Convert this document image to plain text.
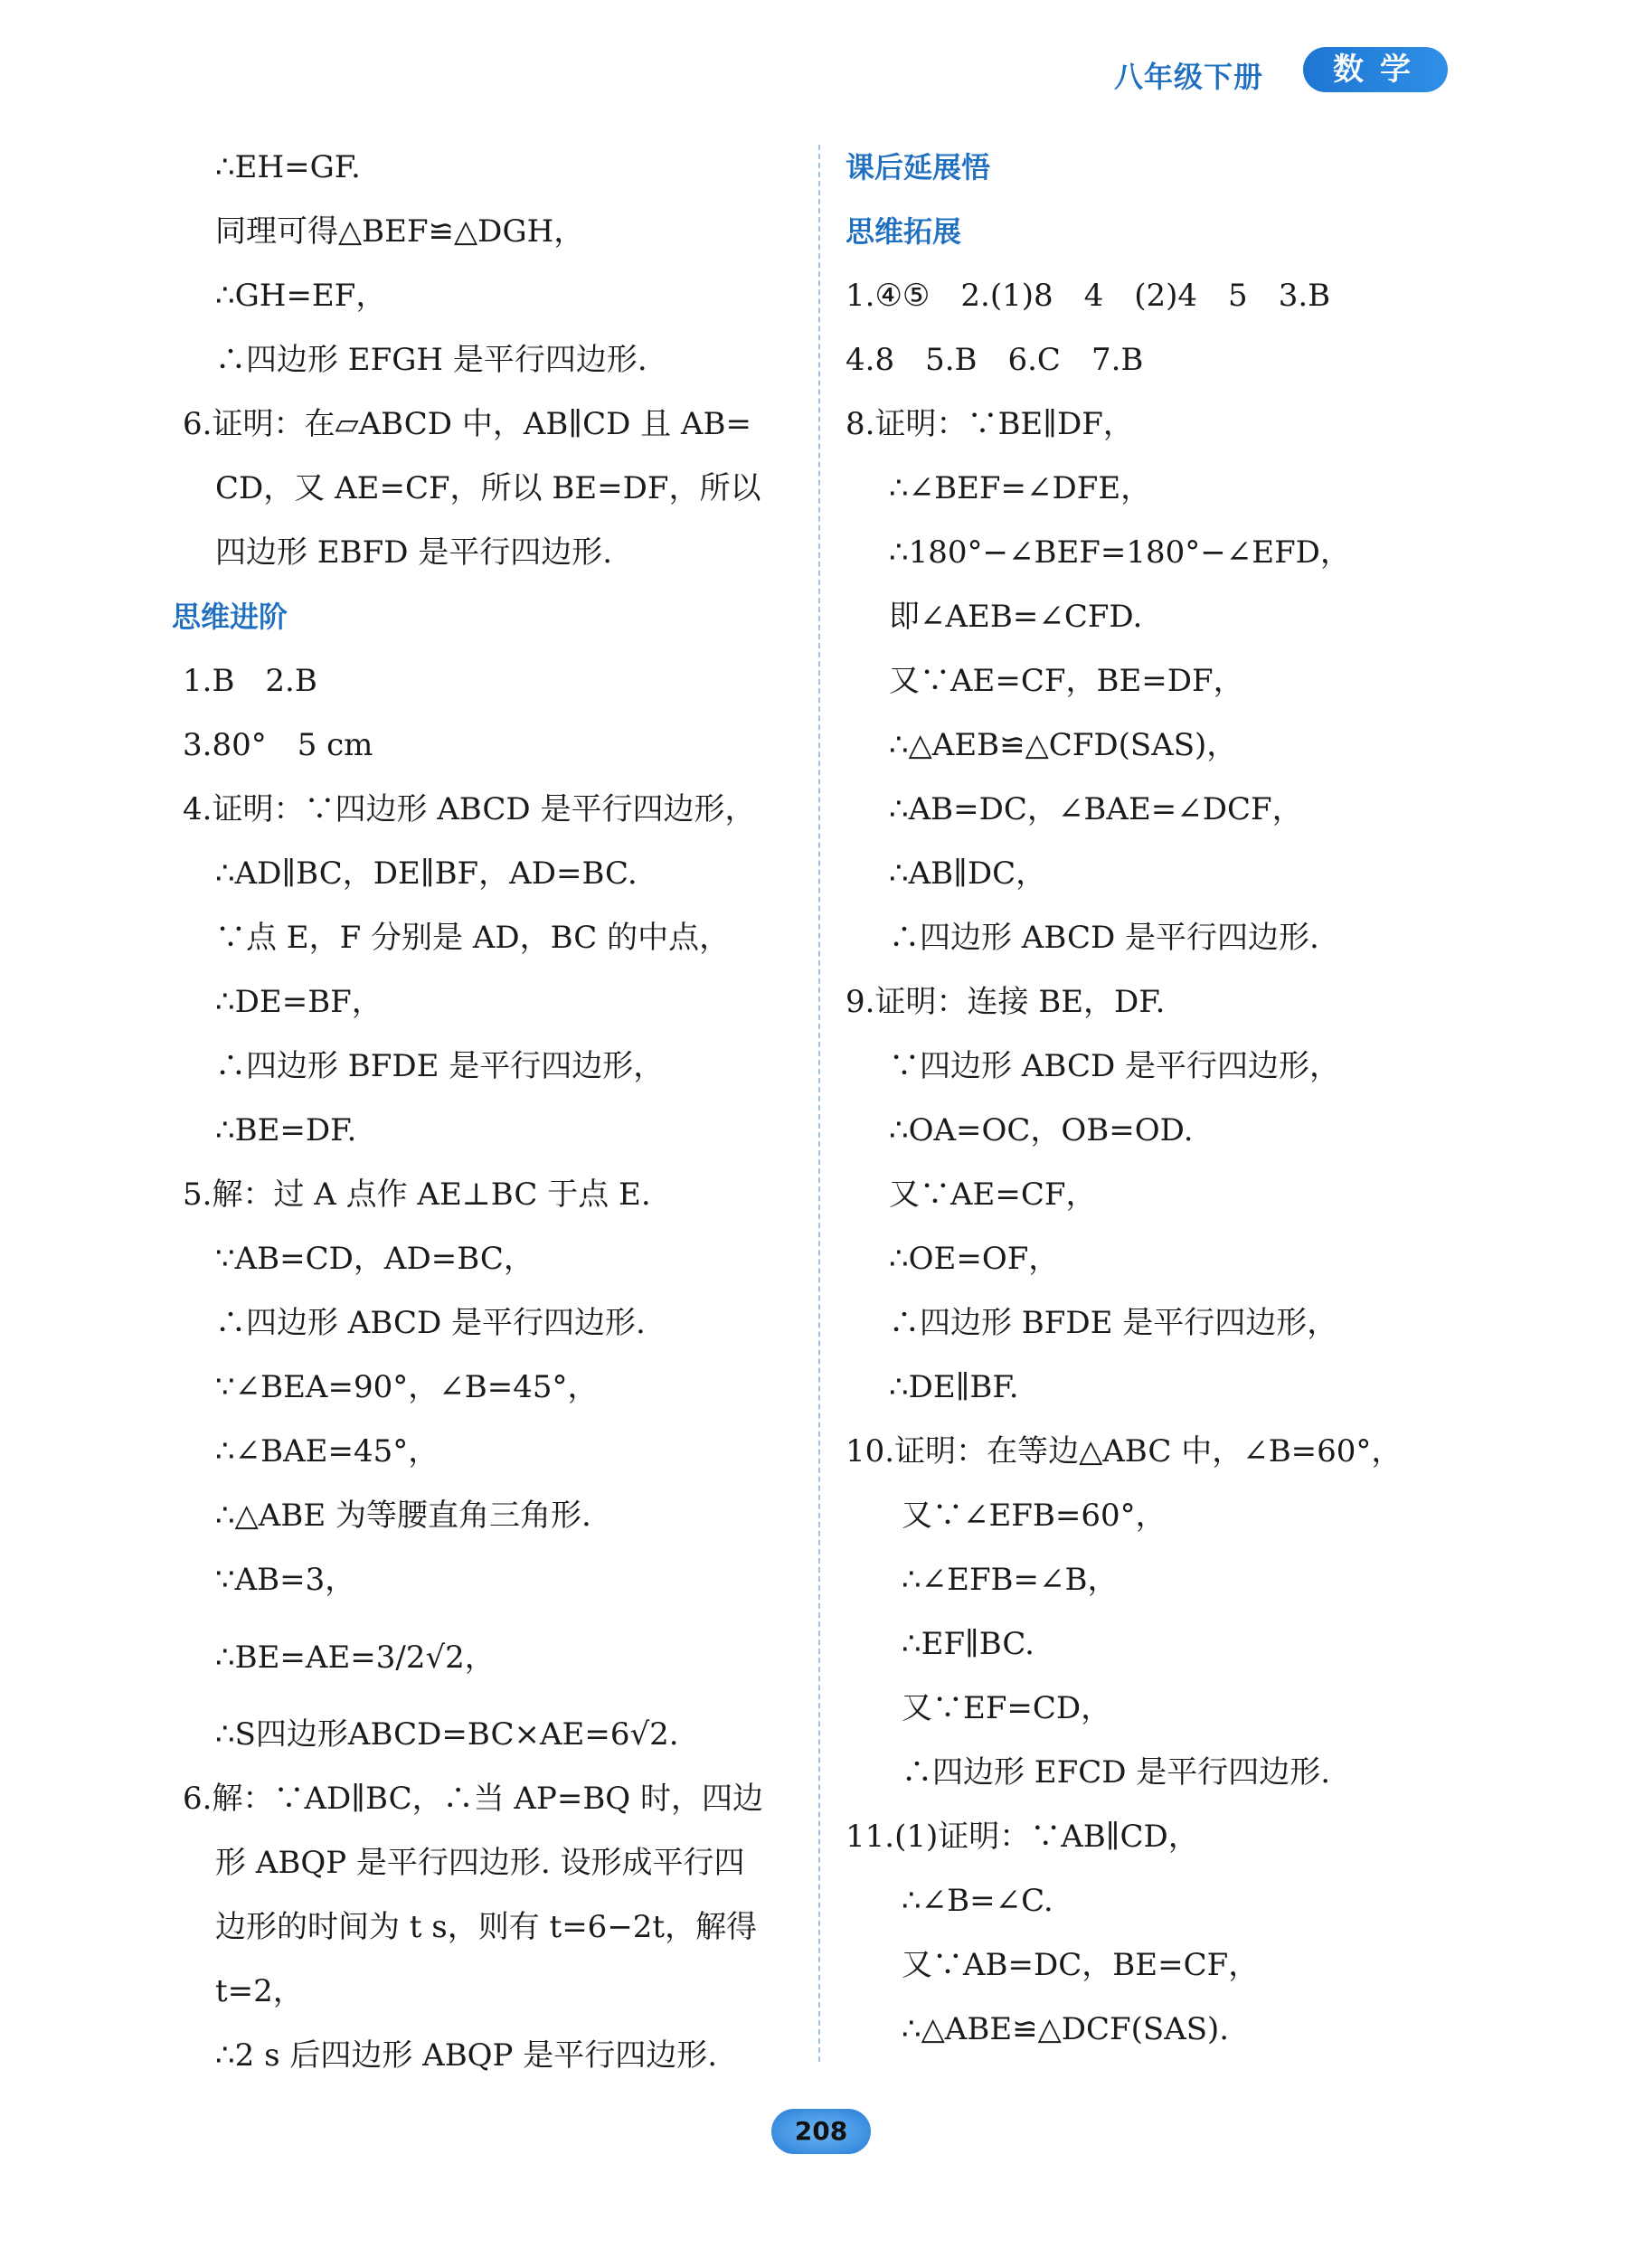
八年级下册	数学
∴EH=GF.
同理可得△BEF≌△DGH，
∴GH=EF，
∴四边形 EFGH 是平行四边形.
6.证明：在▱ABCD 中，AB∥CD 且 AB=
CD，又 AE=CF，所以 BE=DF，所以
四边形 EBFD 是平行四边形.
思维进阶
1.B　2.B
3.80°　5 cm
4.证明：∵四边形 ABCD 是平行四边形，
∴AD∥BC，DE∥BF，AD=BC.
∵点 E，F 分别是 AD，BC 的中点，
∴DE=BF，
∴四边形 BFDE 是平行四边形，
∴BE=DF.
5.解：过 A 点作 AE⊥BC 于点 E.
∵AB=CD，AD=BC，
∴四边形 ABCD 是平行四边形.
∵∠BEA=90°，∠B=45°，
∴∠BAE=45°，
∴△ABE 为等腰直角三角形.
∵AB=3，
∴BE=AE=3/2√2，
∴S四边形ABCD=BC×AE=6√2.
6.解：∵AD∥BC，∴当 AP=BQ 时，四边
形 ABQP 是平行四边形. 设形成平行四
边形的时间为 t s，则有 t=6−2t，解得
t=2，
∴2 s 后四边形 ABQP 是平行四边形.
课后延展悟
思维拓展
1.④⑤　2.(1)8　4　(2)4　5　3.B
4.8　5.B　6.C　7.B
8.证明：∵BE∥DF，
∴∠BEF=∠DFE，
∴180°−∠BEF=180°−∠EFD，
即∠AEB=∠CFD.
又∵AE=CF，BE=DF，
∴△AEB≌△CFD(SAS)，
∴AB=DC，∠BAE=∠DCF，
∴AB∥DC，
∴四边形 ABCD 是平行四边形.
9.证明：连接 BE，DF.
∵四边形 ABCD 是平行四边形，
∴OA=OC，OB=OD.
又∵AE=CF，
∴OE=OF，
∴四边形 BFDE 是平行四边形，
∴DE∥BF.
10.证明：在等边△ABC 中，∠B=60°，
又∵∠EFB=60°，
∴∠EFB=∠B，
∴EF∥BC.
又∵EF=CD，
∴四边形 EFCD 是平行四边形.
11.(1)证明：∵AB∥CD，
∴∠B=∠C.
又∵AB=DC，BE=CF，
∴△ABE≌△DCF(SAS).
208
